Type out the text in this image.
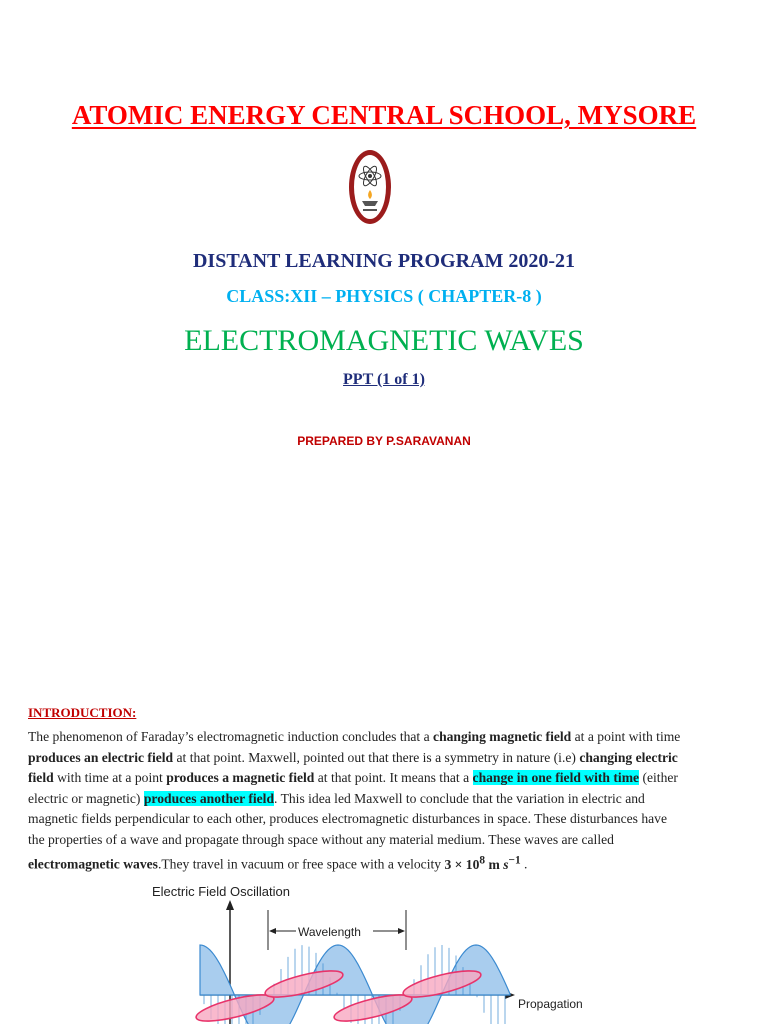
ATOMIC ENERGY CENTRAL SCHOOL, MYSORE
DISTANT LEARNING PROGRAM 2020-21
CLASS:XII – PHYSICS ( CHAPTER-8 )
ELECTROMAGNETIC WAVES
PPT (1 of 1)
PREPARED BY P.SARAVANAN
INTRODUCTION:
The phenomenon of Faraday’s electromagnetic induction concludes that a changing magnetic field at a point with time
produces an electric field at that point. Maxwell, pointed out that there is a symmetry in nature (i.e) changing electric
field with time at a point produces a magnetic field at that point. It means that a change in one field with time (either
electric or magnetic) produces another field. This idea led Maxwell to conclude that the variation in electric and
magnetic fields perpendicular to each other, produces electromagnetic disturbances in space. These disturbances have
the properties of a wave and propagate through space without any material medium. These waves are called
electromagnetic waves.They travel in vacuum or free space with a velocity $3 \times 10^8$ m $s^{-1}$ .
Electric Field Oscillation
Propagation
Wavelength
